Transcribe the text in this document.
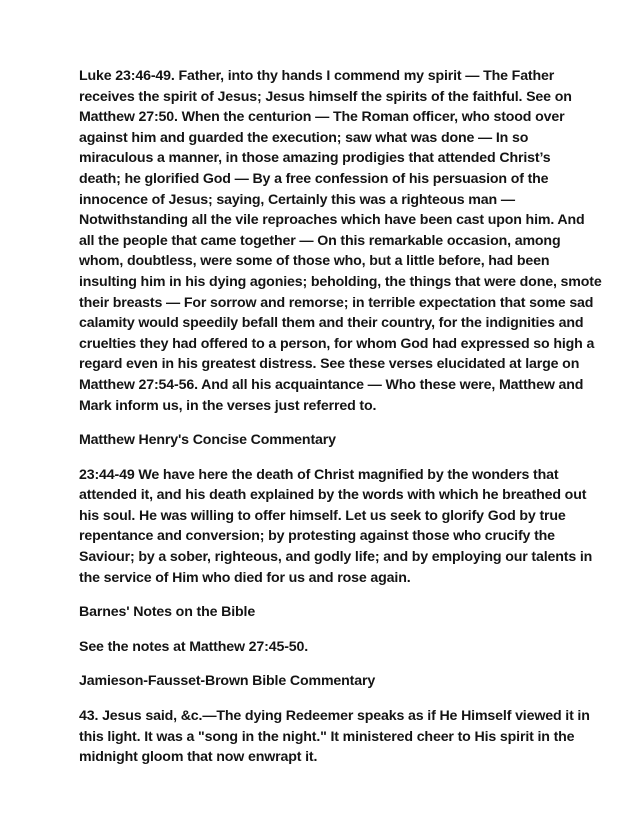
Luke 23:46-49. Father, into thy hands I commend my spirit — The Father
receives the spirit of Jesus; Jesus himself the spirits of the faithful. See on
Matthew 27:50. When the centurion — The Roman officer, who stood over
against him and guarded the execution; saw what was done — In so
miraculous a manner, in those amazing prodigies that attended Christ’s
death; he glorified God — By a free confession of his persuasion of the
innocence of Jesus; saying, Certainly this was a righteous man —
Notwithstanding all the vile reproaches which have been cast upon him. And
all the people that came together — On this remarkable occasion, among
whom, doubtless, were some of those who, but a little before, had been
insulting him in his dying agonies; beholding, the things that were done, smote
their breasts — For sorrow and remorse; in terrible expectation that some sad
calamity would speedily befall them and their country, for the indignities and
cruelties they had offered to a person, for whom God had expressed so high a
regard even in his greatest distress. See these verses elucidated at large on
Matthew 27:54-56. And all his acquaintance — Who these were, Matthew and
Mark inform us, in the verses just referred to.
Matthew Henry's Concise Commentary
23:44-49 We have here the death of Christ magnified by the wonders that
attended it, and his death explained by the words with which he breathed out
his soul. He was willing to offer himself. Let us seek to glorify God by true
repentance and conversion; by protesting against those who crucify the
Saviour; by a sober, righteous, and godly life; and by employing our talents in
the service of Him who died for us and rose again.
Barnes' Notes on the Bible
See the notes at Matthew 27:45-50.
Jamieson-Fausset-Brown Bible Commentary
43. Jesus said, &c.—The dying Redeemer speaks as if He Himself viewed it in
this light. It was a "song in the night." It ministered cheer to His spirit in the
midnight gloom that now enwrapt it.
